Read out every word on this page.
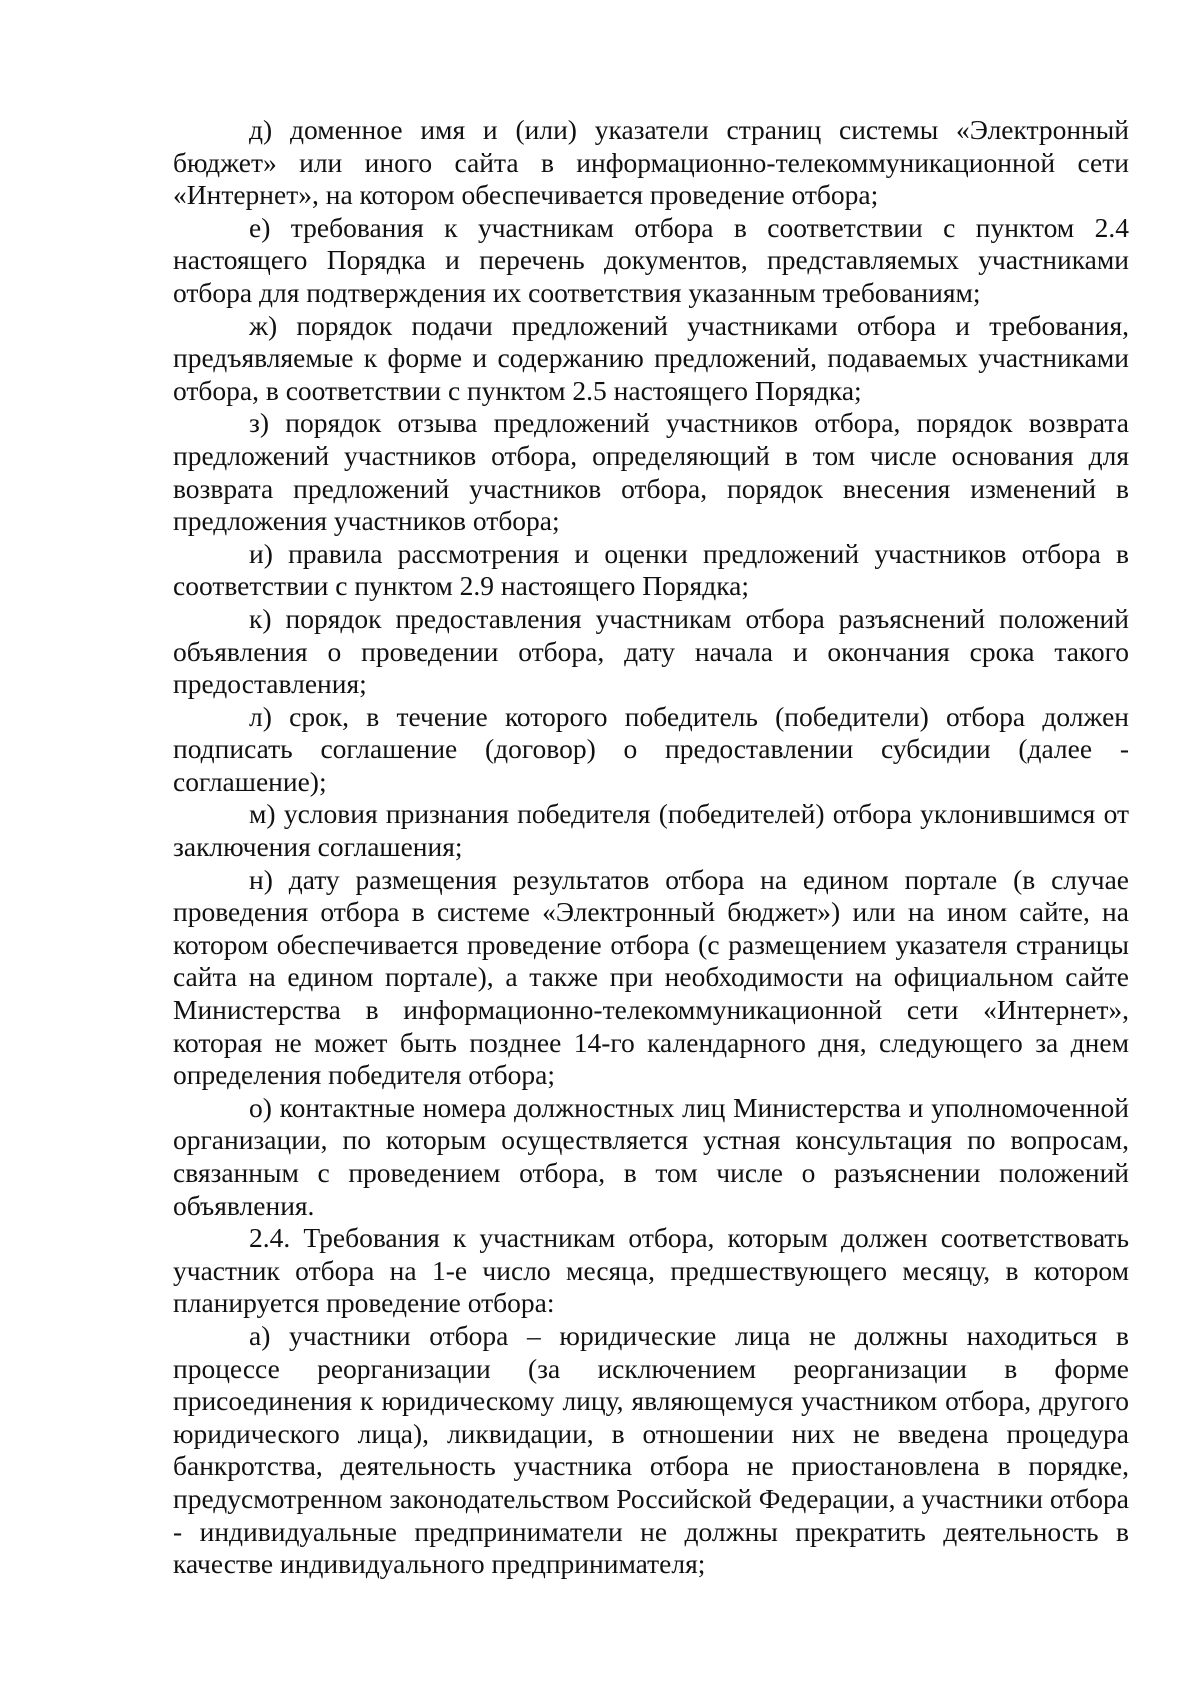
д) доменное имя и (или) указатели страниц системы «Электронный бюджет» или иного сайта в информационно-телекоммуникационной сети «Интернет», на котором обеспечивается проведение отбора;

е) требования к участникам отбора в соответствии с пунктом 2.4 настоящего Порядка и перечень документов, представляемых участниками отбора для подтверждения их соответствия указанным требованиям;

ж) порядок подачи предложений участниками отбора и требования, предъявляемые к форме и содержанию предложений, подаваемых участниками отбора, в соответствии с пунктом 2.5 настоящего Порядка;

з) порядок отзыва предложений участников отбора, порядок возврата предложений участников отбора, определяющий в том числе основания для возврата предложений участников отбора, порядок внесения изменений в предложения участников отбора;

и) правила рассмотрения и оценки предложений участников отбора в соответствии с пунктом 2.9 настоящего Порядка;

к) порядок предоставления участникам отбора разъяснений положений объявления о проведении отбора, дату начала и окончания срока такого предоставления;

л) срок, в течение которого победитель (победители) отбора должен подписать соглашение (договор) о предоставлении субсидии (далее - соглашение);

м) условия признания победителя (победителей) отбора уклонившимся от заключения соглашения;

н) дату размещения результатов отбора на едином портале (в случае проведения отбора в системе «Электронный бюджет») или на ином сайте, на котором обеспечивается проведение отбора (с размещением указателя страницы сайта на едином портале), а также при необходимости на официальном сайте Министерства в информационно-телекоммуникационной сети «Интернет», которая не может быть позднее 14-го календарного дня, следующего за днем определения победителя отбора;

о) контактные номера должностных лиц Министерства и уполномоченной организации, по которым осуществляется устная консультация по вопросам, связанным с проведением отбора, в том числе о разъяснении положений объявления.

2.4. Требования к участникам отбора, которым должен соответствовать участник отбора на 1-е число месяца, предшествующего месяцу, в котором планируется проведение отбора:

а) участники отбора – юридические лица не должны находиться в процессе реорганизации (за исключением реорганизации в форме присоединения к юридическому лицу, являющемуся участником отбора, другого юридического лица), ликвидации, в отношении них не введена процедура банкротства, деятельность участника отбора не приостановлена в порядке, предусмотренном законодательством Российской Федерации, а участники отбора - индивидуальные предприниматели не должны прекратить деятельность в качестве индивидуального предпринимателя;
